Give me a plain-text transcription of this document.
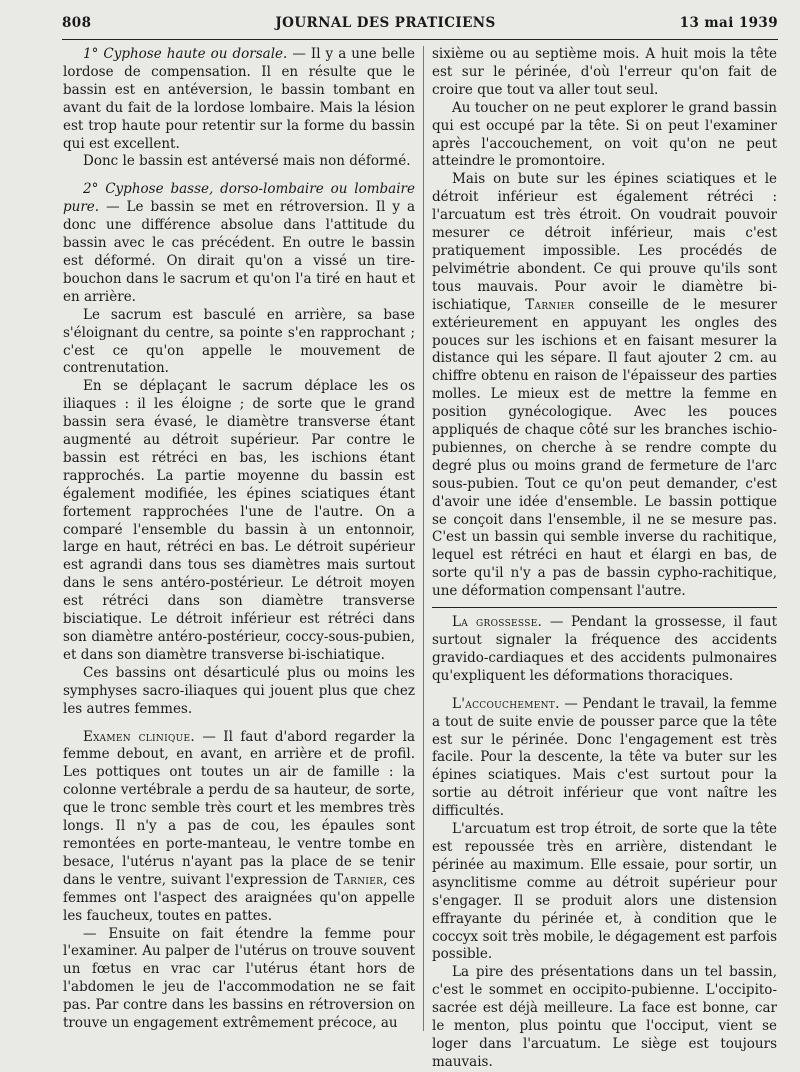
808	JOURNAL DES PRATICIENS	13 mai 1939

1° Cyphose haute ou dorsale. — Il y a une belle lordose de compensation. Il en résulte que le bassin est en antéversion, le bassin tombant en avant du fait de la lordose lombaire. Mais la lésion est trop haute pour retentir sur la forme du bassin qui est excellent.

Donc le bassin est antéversé mais non déformé.

2° Cyphose basse, dorso-lombaire ou lombaire pure. — Le bassin se met en rétroversion. Il y a donc une différence absolue dans l'attitude du bassin avec le cas précédent. En outre le bassin est déformé. On dirait qu'on a vissé un tire-bouchon dans le sacrum et qu'on l'a tiré en haut et en arrière.

Le sacrum est basculé en arrière, sa base s'éloignant du centre, sa pointe s'en rapprochant ; c'est ce qu'on appelle le mouvement de contrenutation.

En se déplaçant le sacrum déplace les os iliaques : il les éloigne ; de sorte que le grand bassin sera évasé, le diamètre transverse étant augmenté au détroit supérieur. Par contre le bassin est rétréci en bas, les ischions étant rapprochés. La partie moyenne du bassin est également modifiée, les épines sciatiques étant fortement rapprochées l'une de l'autre. On a comparé l'ensemble du bassin à un entonnoir, large en haut, rétréci en bas. Le détroit supérieur est agrandi dans tous ses diamètres mais surtout dans le sens antéro-postérieur. Le détroit moyen est rétréci dans son diamètre transverse bisciatique. Le détroit inférieur est rétréci dans son diamètre antéro-postérieur, coccy-sous-pubien, et dans son diamètre transverse bi-ischiatique.

Ces bassins ont désarticulé plus ou moins les symphyses sacro-iliaques qui jouent plus que chez les autres femmes.

Examen clinique. — Il faut d'abord regarder la femme debout, en avant, en arrière et de profil. Les pottiques ont toutes un air de famille : la colonne vertébrale a perdu de sa hauteur, de sorte, que le tronc semble très court et les membres très longs. Il n'y a pas de cou, les épaules sont remontées en porte-manteau, le ventre tombe en besace, l'utérus n'ayant pas la place de se tenir dans le ventre, suivant l'expression de Tarnier, ces femmes ont l'aspect des araignées qu'on appelle les faucheux, toutes en pattes.

— Ensuite on fait étendre la femme pour l'examiner. Au palper de l'utérus on trouve souvent un fœtus en vrac car l'utérus étant hors de l'abdomen le jeu de l'accommodation ne se fait pas. Par contre dans les bassins en rétroversion on trouve un engagement extrêmement précoce, au

sixième ou au septième mois. A huit mois la tête est sur le périnée, d'où l'erreur qu'on fait de croire que tout va aller tout seul.

Au toucher on ne peut explorer le grand bassin qui est occupé par la tête. Si on peut l'examiner après l'accouchement, on voit qu'on ne peut atteindre le promontoire.

Mais on bute sur les épines sciatiques et le détroit inférieur est également rétréci : l'arcuatum est très étroit. On voudrait pouvoir mesurer ce détroit inférieur, mais c'est pratiquement impossible. Les procédés de pelvimétrie abondent. Ce qui prouve qu'ils sont tous mauvais. Pour avoir le diamètre bi-ischiatique, Tarnier conseille de le mesurer extérieurement en appuyant les ongles des pouces sur les ischions et en faisant mesurer la distance qui les sépare. Il faut ajouter 2 cm. au chiffre obtenu en raison de l'épaisseur des parties molles. Le mieux est de mettre la femme en position gynécologique. Avec les pouces appliqués de chaque côté sur les branches ischio-pubiennes, on cherche à se rendre compte du degré plus ou moins grand de fermeture de l'arc sous-pubien. Tout ce qu'on peut demander, c'est d'avoir une idée d'ensemble. Le bassin pottique se conçoit dans l'ensemble, il ne se mesure pas. C'est un bassin qui semble inverse du rachitique, lequel est rétréci en haut et élargi en bas, de sorte qu'il n'y a pas de bassin cypho-rachitique, une déformation compensant l'autre.

La grossesse. — Pendant la grossesse, il faut surtout signaler la fréquence des accidents gravido-cardiaques et des accidents pulmonaires qu'expliquent les déformations thoraciques.

L'accouchement. — Pendant le travail, la femme a tout de suite envie de pousser parce que la tête est sur le périnée. Donc l'engagement est très facile. Pour la descente, la tête va buter sur les épines sciatiques. Mais c'est surtout pour la sortie au détroit inférieur que vont naître les difficultés.

L'arcuatum est trop étroit, de sorte que la tête est repoussée très en arrière, distendant le périnée au maximum. Elle essaie, pour sortir, un asynclitisme comme au détroit supérieur pour s'engager. Il se produit alors une distension effrayante du périnée et, à condition que le coccyx soit très mobile, le dégagement est parfois possible.

La pire des présentations dans un tel bassin, c'est le sommet en occipito-pubienne. L'occipito-sacrée est déjà meilleure. La face est bonne, car le menton, plus pointu que l'occiput, vient se loger dans l'arcuatum. Le siège est toujours mauvais.
